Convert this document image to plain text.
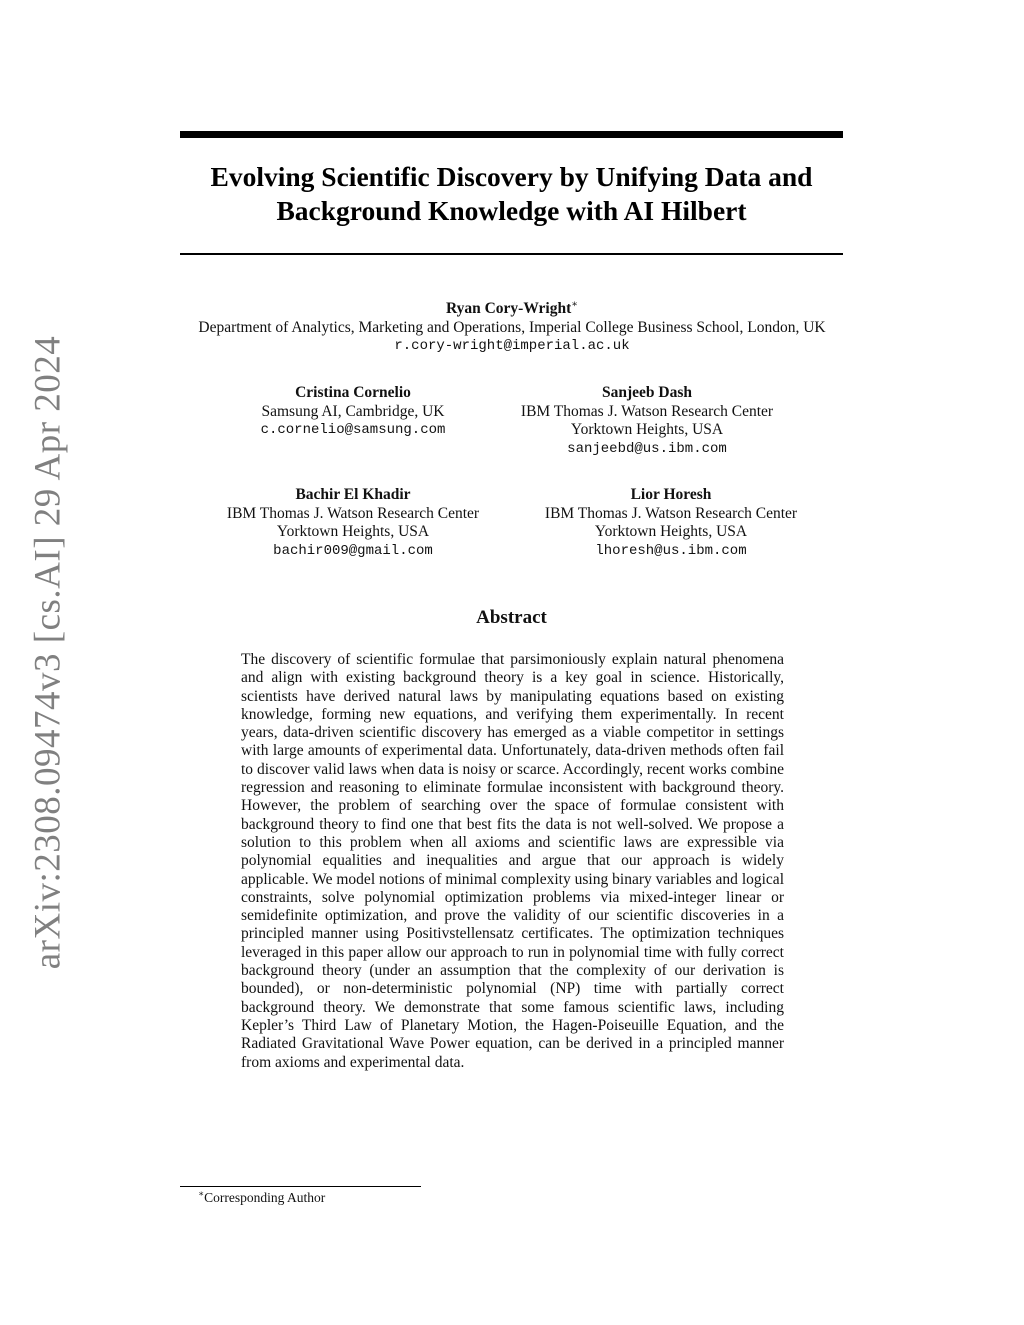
arXiv:2308.09474v3 [cs.AI] 29 Apr 2024
Evolving Scientific Discovery by Unifying Data and Background Knowledge with AI Hilbert
Ryan Cory-Wright∗
Department of Analytics, Marketing and Operations, Imperial College Business School, London, UK
r.cory-wright@imperial.ac.uk
Cristina Cornelio
Samsung AI, Cambridge, UK
c.cornelio@samsung.com
Sanjeeb Dash
IBM Thomas J. Watson Research Center
Yorktown Heights, USA
sanjeebd@us.ibm.com
Bachir El Khadir
IBM Thomas J. Watson Research Center
Yorktown Heights, USA
bachir009@gmail.com
Lior Horesh
IBM Thomas J. Watson Research Center
Yorktown Heights, USA
lhoresh@us.ibm.com
Abstract

The discovery of scientific formulae that parsimoniously explain natural phenomena and align with existing background theory is a key goal in science. Historically, scientists have derived natural laws by manipulating equations based on existing knowledge, forming new equations, and verifying them experimentally. In recent years, data-driven scientific discovery has emerged as a viable competitor in settings with large amounts of experimental data. Unfortunately, data-driven methods often fail to discover valid laws when data is noisy or scarce. Accordingly, recent works combine regression and reasoning to eliminate formulae inconsistent with background theory. However, the problem of searching over the space of formulae consistent with background theory to find one that best fits the data is not well-solved. We propose a solution to this problem when all axioms and scientific laws are expressible via polynomial equalities and inequalities and argue that our approach is widely applicable. We model notions of minimal complexity using binary variables and logical constraints, solve polynomial optimization problems via mixed-integer linear or semidefinite optimization, and prove the validity of our scientific discoveries in a principled manner using Positivstellensatz certificates. The optimization techniques leveraged in this paper allow our approach to run in polynomial time with fully correct background theory (under an assumption that the complexity of our derivation is bounded), or non-deterministic polynomial (NP) time with partially correct background theory. We demonstrate that some famous scientific laws, including Kepler’s Third Law of Planetary Motion, the Hagen-Poiseuille Equation, and the Radiated Gravitational Wave Power equation, can be derived in a principled manner from axioms and experimental data.

∗Corresponding Author
